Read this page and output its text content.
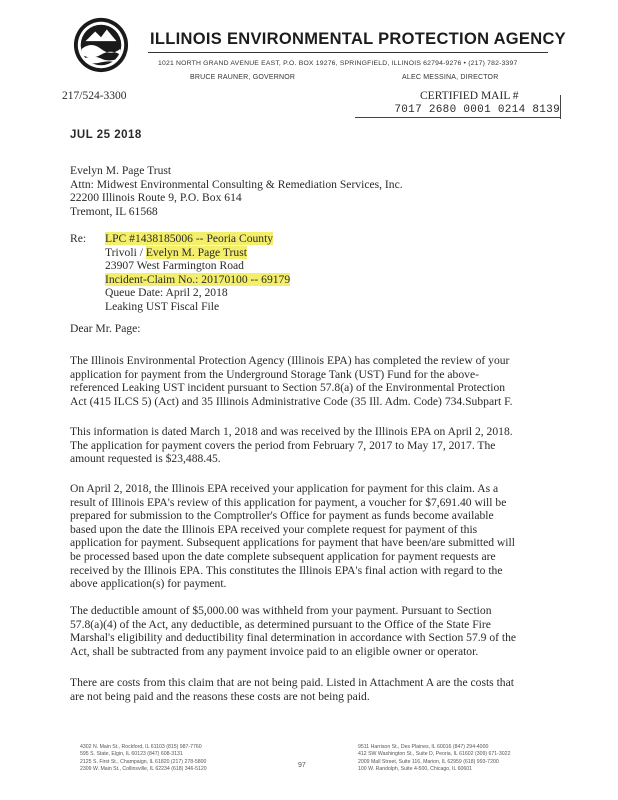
ILLINOIS ENVIRONMENTAL PROTECTION AGENCY
1021 NORTH GRAND AVENUE EAST, P.O. BOX 19276, SPRINGFIELD, ILLINOIS 62794-9276 • (217) 782-3397
BRUCE RAUNER, GOVERNOR	ALEC MESSINA, DIRECTOR
217/524-3300	CERTIFIED MAIL #
7017 2680 0001 0214 8139
JUL 25 2018
Evelyn M. Page Trust
Attn: Midwest Environmental Consulting & Remediation Services, Inc.
22200 Illinois Route 9, P.O. Box 614
Tremont, IL 61568
Re: LPC #1438185006 -- Peoria County
Trivoli / Evelyn M. Page Trust
23907 West Farmington Road
Incident-Claim No.: 20170100 -- 69179
Queue Date: April 2, 2018
Leaking UST Fiscal File
Dear Mr. Page:
The Illinois Environmental Protection Agency (Illinois EPA) has completed the review of your
application for payment from the Underground Storage Tank (UST) Fund for the above-
referenced Leaking UST incident pursuant to Section 57.8(a) of the Environmental Protection
Act (415 ILCS 5) (Act) and 35 Illinois Administrative Code (35 Ill. Adm. Code) 734.Subpart F.
This information is dated March 1, 2018 and was received by the Illinois EPA on April 2, 2018.
The application for payment covers the period from February 7, 2017 to May 17, 2017. The
amount requested is $23,488.45.
On April 2, 2018, the Illinois EPA received your application for payment for this claim. As a
result of Illinois EPA's review of this application for payment, a voucher for $7,691.40 will be
prepared for submission to the Comptroller's Office for payment as funds become available
based upon the date the Illinois EPA received your complete request for payment of this
application for payment. Subsequent applications for payment that have been/are submitted will
be processed based upon the date complete subsequent application for payment requests are
received by the Illinois EPA. This constitutes the Illinois EPA's final action with regard to the
above application(s) for payment.
The deductible amount of $5,000.00 was withheld from your payment. Pursuant to Section
57.8(a)(4) of the Act, any deductible, as determined pursuant to the Office of the State Fire
Marshal's eligibility and deductibility final determination in accordance with Section 57.9 of the
Act, shall be subtracted from any payment invoice paid to an eligible owner or operator.
There are costs from this claim that are not being paid. Listed in Attachment A are the costs that
are not being paid and the reasons these costs are not being paid.
4302 N. Main St., Rockford, IL 61103 (815) 987-7760
595 S. State, Elgin, IL 60123 (847) 608-3131
2125 S. First St., Champaign, IL 61820 (217) 278-5800
2309 W. Main St., Collinsville, IL 62234 (618) 346-5120
97
9511 Harrison St., Des Plaines, IL 60016 (847) 294-4000
412 SW Washington St., Suite D, Peoria, IL 61602 (309) 671-3022
2009 Mall Street, Suite 116, Marion, IL 62959 (618) 993-7200
100 W. Randolph, Suite 4-500, Chicago, IL 60601
